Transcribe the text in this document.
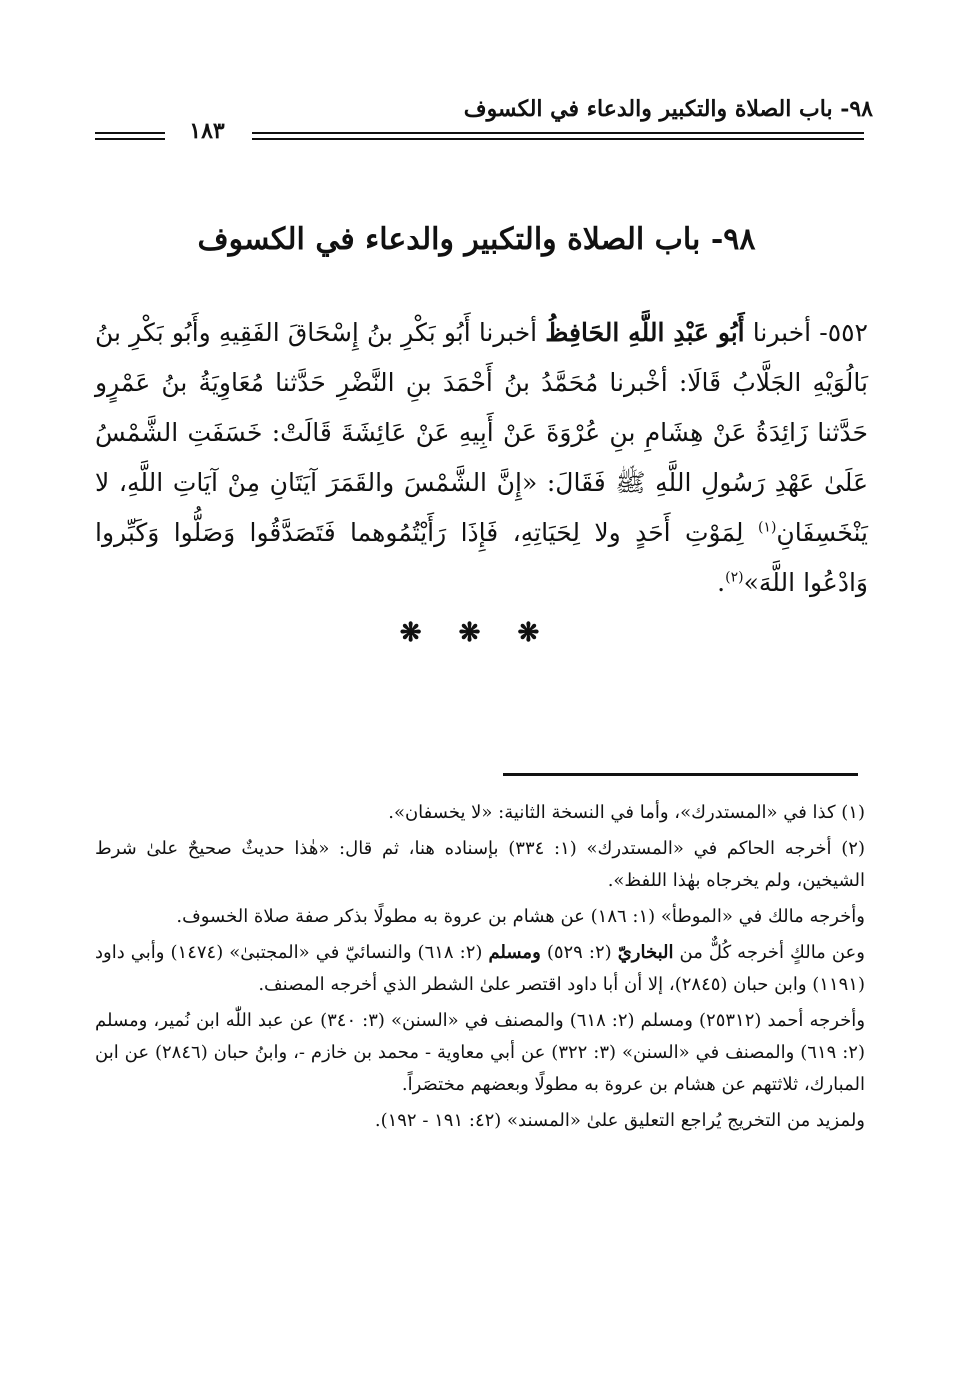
٩٨- باب الصلاة والتكبير والدعاء في الكسوف
١٨٣
٩٨- باب الصلاة والتكبير والدعاء في الكسوف
٥٥٢- أخبرنا أَبُو عَبْدِ اللَّهِ الحَافِظُ أخبرنا أَبُو بَكْرِ بنُ إِسْحَاقَ الفَقِيهِ وأَبُو بَكْرِ بنُ بَالُوَيْهِ الجَلَّابُ قَالَا: أخْبرنا مُحَمَّدُ بنُ أَحْمَدَ بنِ النَّضْرِ حَدَّثنا مُعَاوِيَةُ بنُ عَمْرٍو حَدَّثنا زَائِدَةُ عَنْ هِشَامِ بنِ عُرْوَةَ عَنْ أَبِيهِ عَنْ عَائِشَةَ قَالَتْ: خَسَفَتِ الشَّمْسُ عَلَىٰ عَهْدِ رَسُولِ اللَّهِ ﷺ فَقَالَ: «إِنَّ الشَّمْسَ والقَمَرَ آيَتَانِ مِنْ آيَاتِ اللَّهِ، لا يَنْخَسِفَانِ$^{(١)}$ لِمَوْتِ أَحَدٍ ولا لِحَيَاتِهِ، فَإِذَا رَأَيْتُمُوهما فَتَصَدَّقُوا وَصَلُّوا وَكَبِّروا وَادْعُوا اللَّهَ»$^{(٢)}$.
❋ ❋ ❋
(١) كذا في «المستدرك»، وأما في النسخة الثانية: «لا يخسفان».
(٢) أخرجه الحاكم في «المستدرك» (١: ٣٣٤) بإسناده هنا، ثم قال: «هٰذا حديثٌ صحيحٌ علىٰ شرط الشيخين، ولم يخرجاه بهٰذا اللفظ».
وأخرجه مالك في «الموطأ» (١: ١٨٦) عن هشام بن عروة به مطولًا بذكر صفة صلاة الخسوف.
وعن مالكٍ أخرجه كُلٌّ من البخاريّ (٢: ٥٢٩) ومسلم (٢: ٦١٨) والنسائيّ في «المجتبىٰ» (١٤٧٤) وأبي داود (١١٩١) وابن حبان (٢٨٤٥)، إلا أن أبا داود اقتصر علىٰ الشطر الذي أخرجه المصنف.
وأخرجه أحمد (٢٥٣١٢) ومسلم (٢: ٦١٨) والمصنف في «السنن» (٣: ٣٤٠) عن عبد اللّٰه ابن نُمير، ومسلم (٢: ٦١٩) والمصنف في «السنن» (٣: ٣٢٢) عن أبي معاوية - محمد بن خازم -، وابنُ حبان (٢٨٤٦) عن ابن المبارك، ثلاثتهم عن هشام بن عروة به مطولًا وبعضهم مختصَراً.
ولمزيد من التخريج يُراجع التعليق علىٰ «المسند» (٤٢: ١٩١ - ١٩٢).
